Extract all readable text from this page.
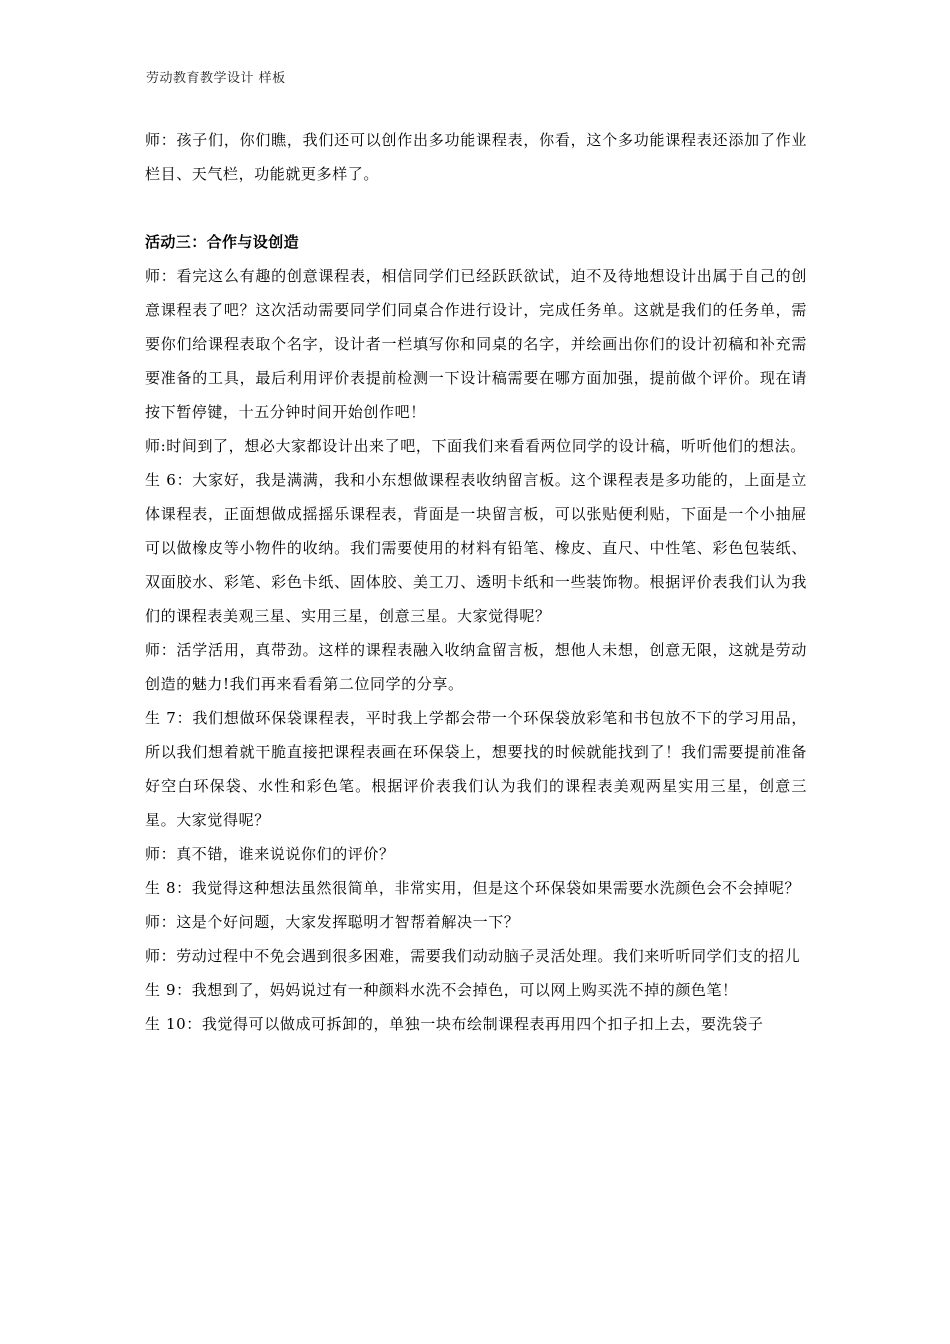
劳动教育教学设计 样板

师：孩子们，你们瞧，我们还可以创作出多功能课程表，你看，这个多功能课程表还添加了作业栏目、天气栏，功能就更多样了。

活动三：合作与设创造

师：看完这么有趣的创意课程表，相信同学们已经跃跃欲试，迫不及待地想设计出属于自己的创意课程表了吧？这次活动需要同学们同桌合作进行设计，完成任务单。这就是我们的任务单，需要你们给课程表取个名字，设计者一栏填写你和同桌的名字，并绘画出你们的设计初稿和补充需要准备的工具，最后利用评价表提前检测一下设计稿需要在哪方面加强，提前做个评价。现在请按下暂停键，十五分钟时间开始创作吧！

师:时间到了，想必大家都设计出来了吧，下面我们来看看两位同学的设计稿，听听他们的想法。

生 6：大家好，我是满满，我和小东想做课程表收纳留言板。这个课程表是多功能的，上面是立体课程表，正面想做成摇摇乐课程表，背面是一块留言板，可以张贴便利贴，下面是一个小抽屉可以做橡皮等小物件的收纳。我们需要使用的材料有铅笔、橡皮、直尺、中性笔、彩色包装纸、双面胶水、彩笔、彩色卡纸、固体胶、美工刀、透明卡纸和一些装饰物。根据评价表我们认为我们的课程表美观三星、实用三星，创意三星。大家觉得呢？

师：活学活用，真带劲。这样的课程表融入收纳盒留言板，想他人未想，创意无限，这就是劳动创造的魅力!我们再来看看第二位同学的分享。

生 7：我们想做环保袋课程表，平时我上学都会带一个环保袋放彩笔和书包放不下的学习用品，所以我们想着就干脆直接把课程表画在环保袋上，想要找的时候就能找到了！我们需要提前准备好空白环保袋、水性和彩色笔。根据评价表我们认为我们的课程表美观两星实用三星，创意三星。大家觉得呢？

师：真不错，谁来说说你们的评价？

生 8：我觉得这种想法虽然很简单，非常实用，但是这个环保袋如果需要水洗颜色会不会掉呢？

师：这是个好问题，大家发挥聪明才智帮着解决一下？

师：劳动过程中不免会遇到很多困难，需要我们动动脑子灵活处理。我们来听听同学们支的招儿

生 9：我想到了，妈妈说过有一种颜料水洗不会掉色，可以网上购买洗不掉的颜色笔！

生 10：我觉得可以做成可拆卸的，单独一块布绘制课程表再用四个扣子扣上去，要洗袋子
